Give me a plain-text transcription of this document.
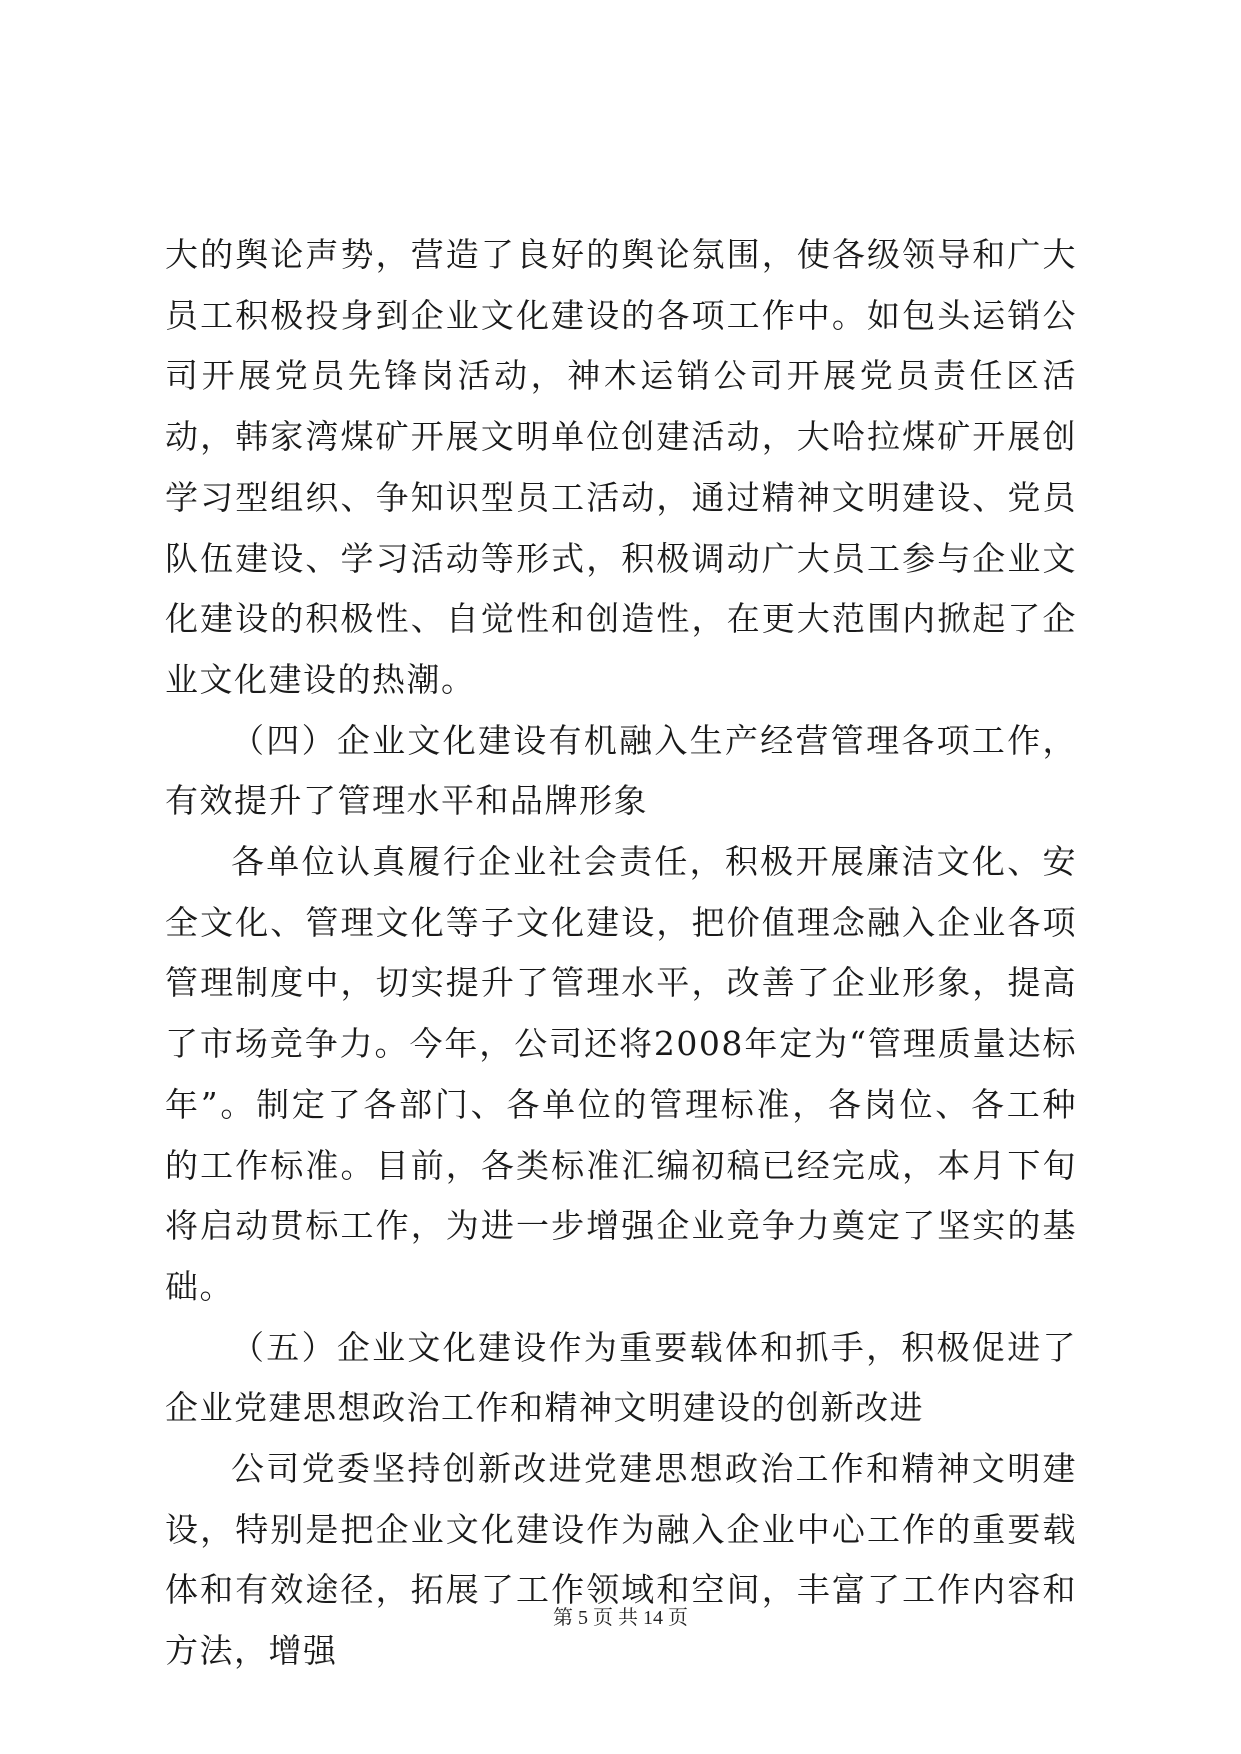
大的舆论声势，营造了良好的舆论氛围，使各级领导和广大员工积极投身到企业文化建设的各项工作中。如包头运销公司开展党员先锋岗活动，神木运销公司开展党员责任区活动，韩家湾煤矿开展文明单位创建活动，大哈拉煤矿开展创学习型组织、争知识型员工活动，通过精神文明建设、党员队伍建设、学习活动等形式，积极调动广大员工参与企业文化建设的积极性、自觉性和创造性，在更大范围内掀起了企业文化建设的热潮。

（四）企业文化建设有机融入生产经营管理各项工作，有效提升了管理水平和品牌形象

各单位认真履行企业社会责任，积极开展廉洁文化、安全文化、管理文化等子文化建设，把价值理念融入企业各项管理制度中，切实提升了管理水平，改善了企业形象，提高了市场竞争力。今年，公司还将2008年定为“管理质量达标年”。制定了各部门、各单位的管理标准，各岗位、各工种的工作标准。目前，各类标准汇编初稿已经完成，本月下旬将启动贯标工作，为进一步增强企业竞争力奠定了坚实的基础。

（五）企业文化建设作为重要载体和抓手，积极促进了企业党建思想政治工作和精神文明建设的创新改进

公司党委坚持创新改进党建思想政治工作和精神文明建设，特别是把企业文化建设作为融入企业中心工作的重要载体和有效途径，拓展了工作领域和空间，丰富了工作内容和方法，增强

第 5 页 共 14 页
